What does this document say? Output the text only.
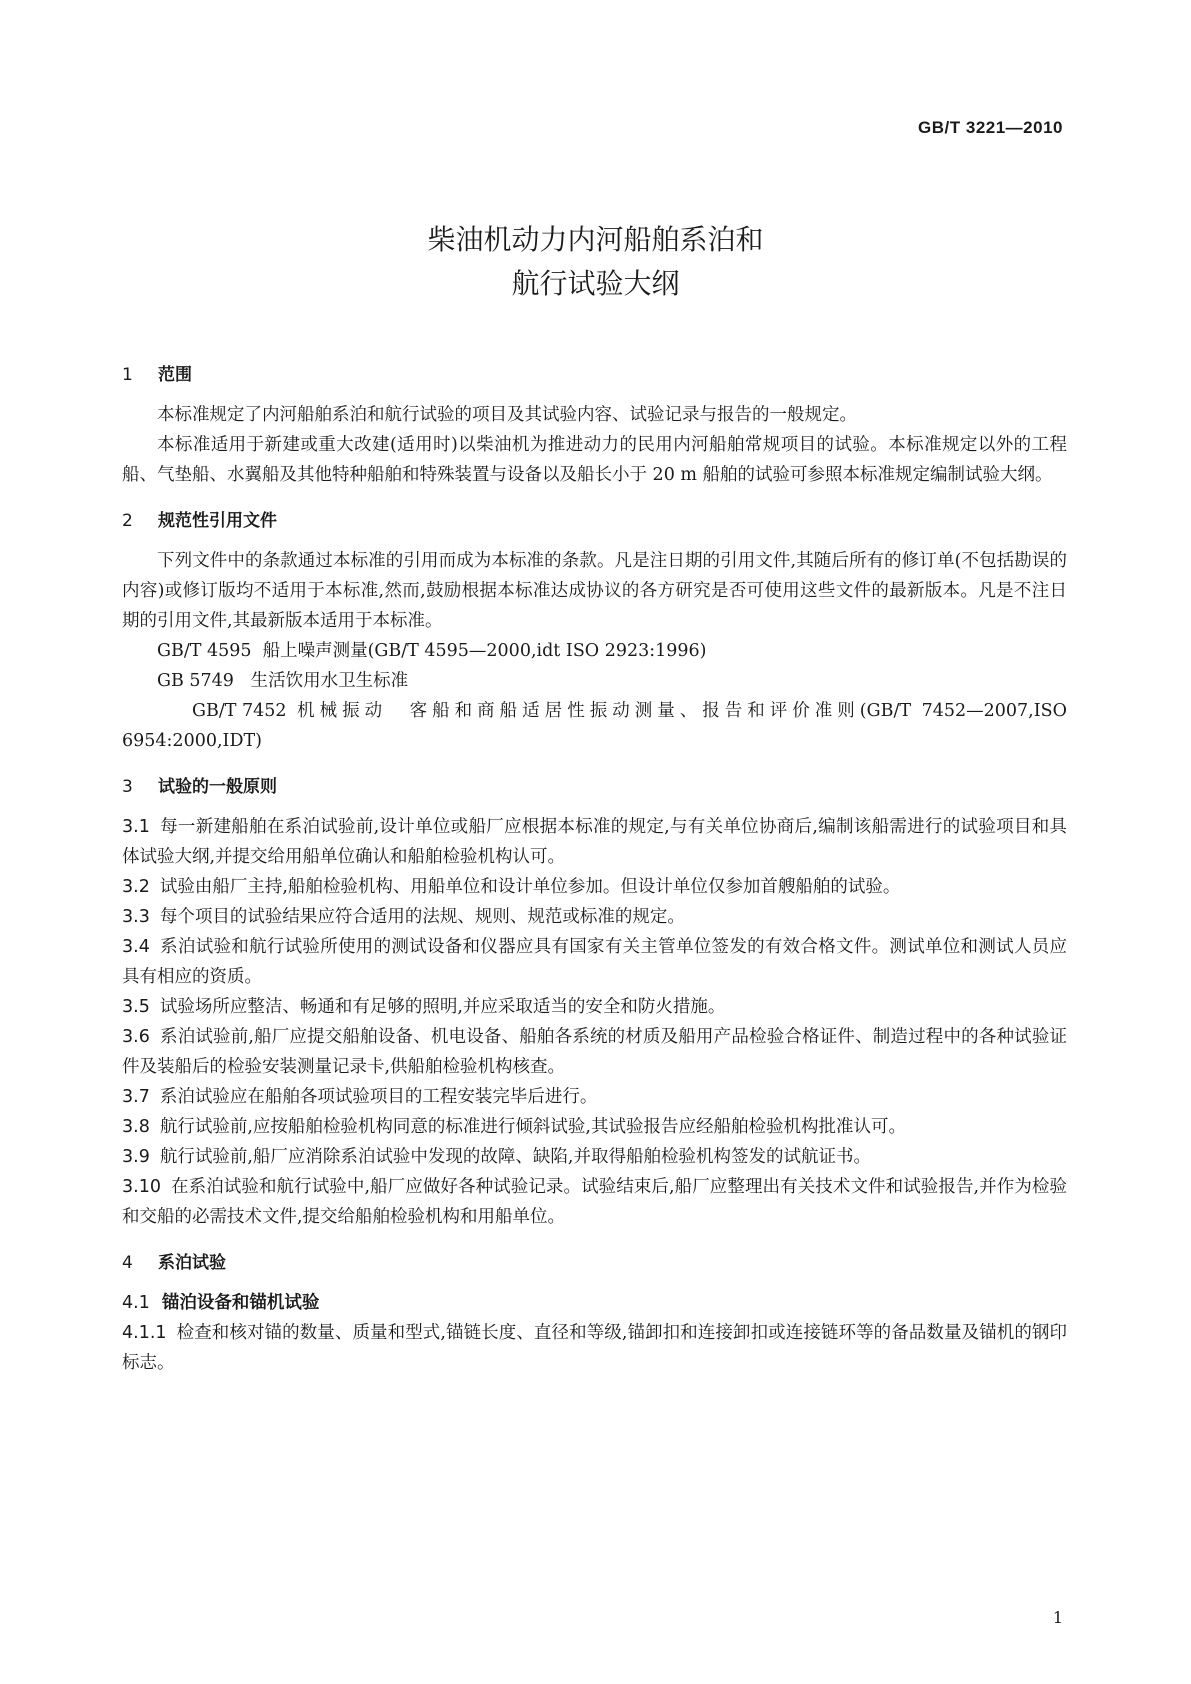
GB/T 3221—2010
柴油机动力内河船舶系泊和
航行试验大纲
1 范围
本标准规定了内河船舶系泊和航行试验的项目及其试验内容、试验记录与报告的一般规定。
本标准适用于新建或重大改建(适用时)以柴油机为推进动力的民用内河船舶常规项目的试验。本标准规定以外的工程船、气垫船、水翼船及其他特种船舶和特殊装置与设备以及船长小于 20 m 船舶的试验可参照本标准规定编制试验大纲。
2 规范性引用文件
下列文件中的条款通过本标准的引用而成为本标准的条款。凡是注日期的引用文件,其随后所有的修订单(不包括勘误的内容)或修订版均不适用于本标准,然而,鼓励根据本标准达成协议的各方研究是否可使用这些文件的最新版本。凡是不注日期的引用文件,其最新版本适用于本标准。
GB/T 4595 船上噪声测量(GB/T 4595—2000,idt ISO 2923:1996)
GB 5749 生活饮用水卫生标准
GB/T 7452 机械振动　客船和商船适居性振动测量、报告和评价准则(GB/T 7452—2007,ISO 6954:2000,IDT)
3 试验的一般原则
3.1 每一新建船舶在系泊试验前,设计单位或船厂应根据本标准的规定,与有关单位协商后,编制该船需进行的试验项目和具体试验大纲,并提交给用船单位确认和船舶检验机构认可。
3.2 试验由船厂主持,船舶检验机构、用船单位和设计单位参加。但设计单位仅参加首艘船舶的试验。
3.3 每个项目的试验结果应符合适用的法规、规则、规范或标准的规定。
3.4 系泊试验和航行试验所使用的测试设备和仪器应具有国家有关主管单位签发的有效合格文件。测试单位和测试人员应具有相应的资质。
3.5 试验场所应整洁、畅通和有足够的照明,并应采取适当的安全和防火措施。
3.6 系泊试验前,船厂应提交船舶设备、机电设备、船舶各系统的材质及船用产品检验合格证件、制造过程中的各种试验证件及装船后的检验安装测量记录卡,供船舶检验机构核查。
3.7 系泊试验应在船舶各项试验项目的工程安装完毕后进行。
3.8 航行试验前,应按船舶检验机构同意的标准进行倾斜试验,其试验报告应经船舶检验机构批准认可。
3.9 航行试验前,船厂应消除系泊试验中发现的故障、缺陷,并取得船舶检验机构签发的试航证书。
3.10 在系泊试验和航行试验中,船厂应做好各种试验记录。试验结束后,船厂应整理出有关技术文件和试验报告,并作为检验和交船的必需技术文件,提交给船舶检验机构和用船单位。
4 系泊试验
4.1 锚泊设备和锚机试验
4.1.1 检查和核对锚的数量、质量和型式,锚链长度、直径和等级,锚卸扣和连接卸扣或连接链环等的备品数量及锚机的钢印标志。
1
